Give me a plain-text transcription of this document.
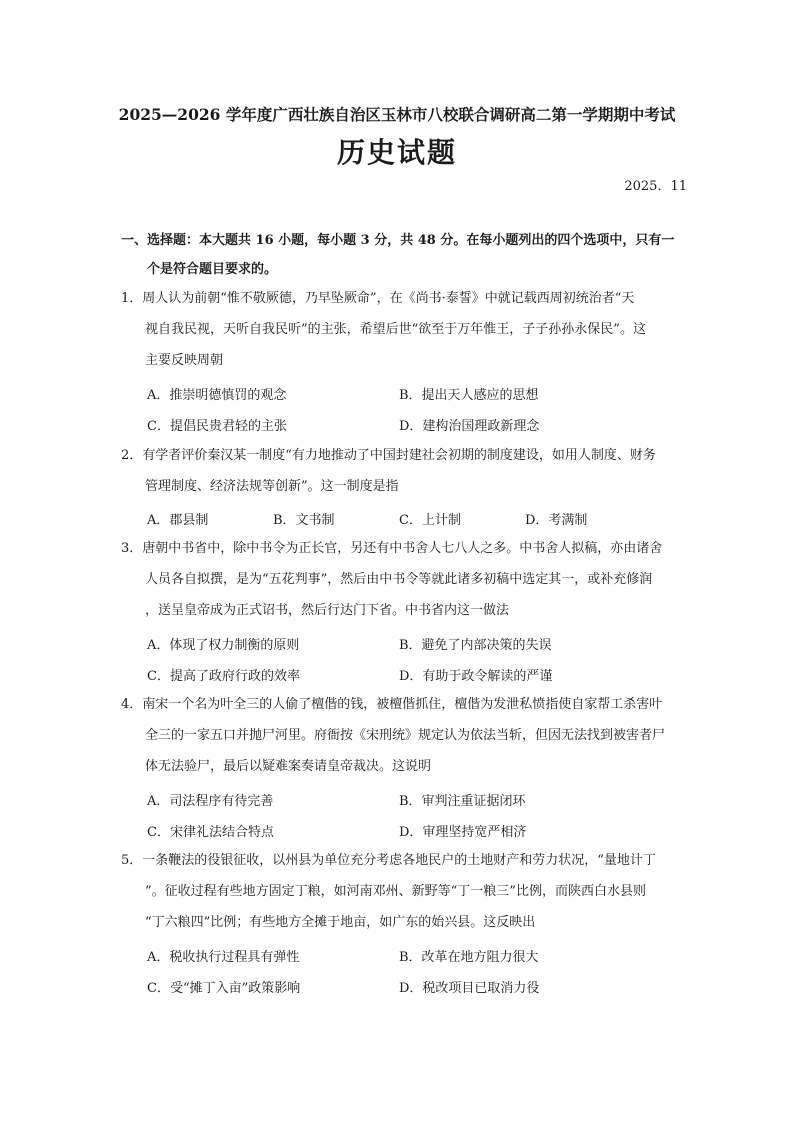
2025—2026 学年度广西壮族自治区玉林市八校联合调研高二第一学期期中考试
历史试题
2025．11
一、选择题：本大题共 16 小题，每小题 3 分，共 48 分。在每小题列出的四个选项中，只有一
个是符合题目要求的。
1．周人认为前朝“惟不敬厥德，乃早坠厥命”，在《尚书·泰誓》中就记载西周初统治者“天
视自我民视，天听自我民听”的主张，希望后世“欲至于万年惟王，子子孙孙永保民”。这
主要反映周朝
A．推崇明德慎罚的观念	B．提出天人感应的思想
C．提倡民贵君轻的主张	D．建构治国理政新理念
2．有学者评价秦汉某一制度“有力地推动了中国封建社会初期的制度建设，如用人制度、财务
管理制度、经济法规等创新”。这一制度是指
A．郡县制	B．文书制	C．上计制	D．考满制
3．唐朝中书省中，除中书令为正长官，另还有中书舍人七八人之多。中书舍人拟稿，亦由诸舍
人员各自拟撰，是为“五花判事”，然后由中书令等就此诸多初稿中选定其一，或补充修润
，送呈皇帝成为正式诏书，然后行达门下省。中书省内这一做法
A．体现了权力制衡的原则	B．避免了内部决策的失误
C．提高了政府行政的效率	D．有助于政令解读的严谨
4．南宋一个名为叶全三的人偷了檀偕的钱，被檀偕抓住，檀偕为发泄私愤指使自家帮工杀害叶
全三的一家五口并抛尸河里。府衙按《宋刑统》规定认为依法当斩，但因无法找到被害者尸
体无法验尸，最后以疑难案奏请皇帝裁决。这说明
A．司法程序有待完善	B．审判注重证据闭环
C．宋律礼法结合特点	D．审理坚持宽严相济
5．一条鞭法的役银征收，以州县为单位充分考虑各地民户的土地财产和劳力状况，“量地计丁
”。征收过程有些地方固定丁粮，如河南邓州、新野等“丁一粮三”比例，而陕西白水县则
“丁六粮四”比例；有些地方全摊于地亩，如广东的始兴县。这反映出
A．税收执行过程具有弹性	B．改革在地方阻力很大
C．受“摊丁入亩”政策影响	D．税改项目已取消力役
